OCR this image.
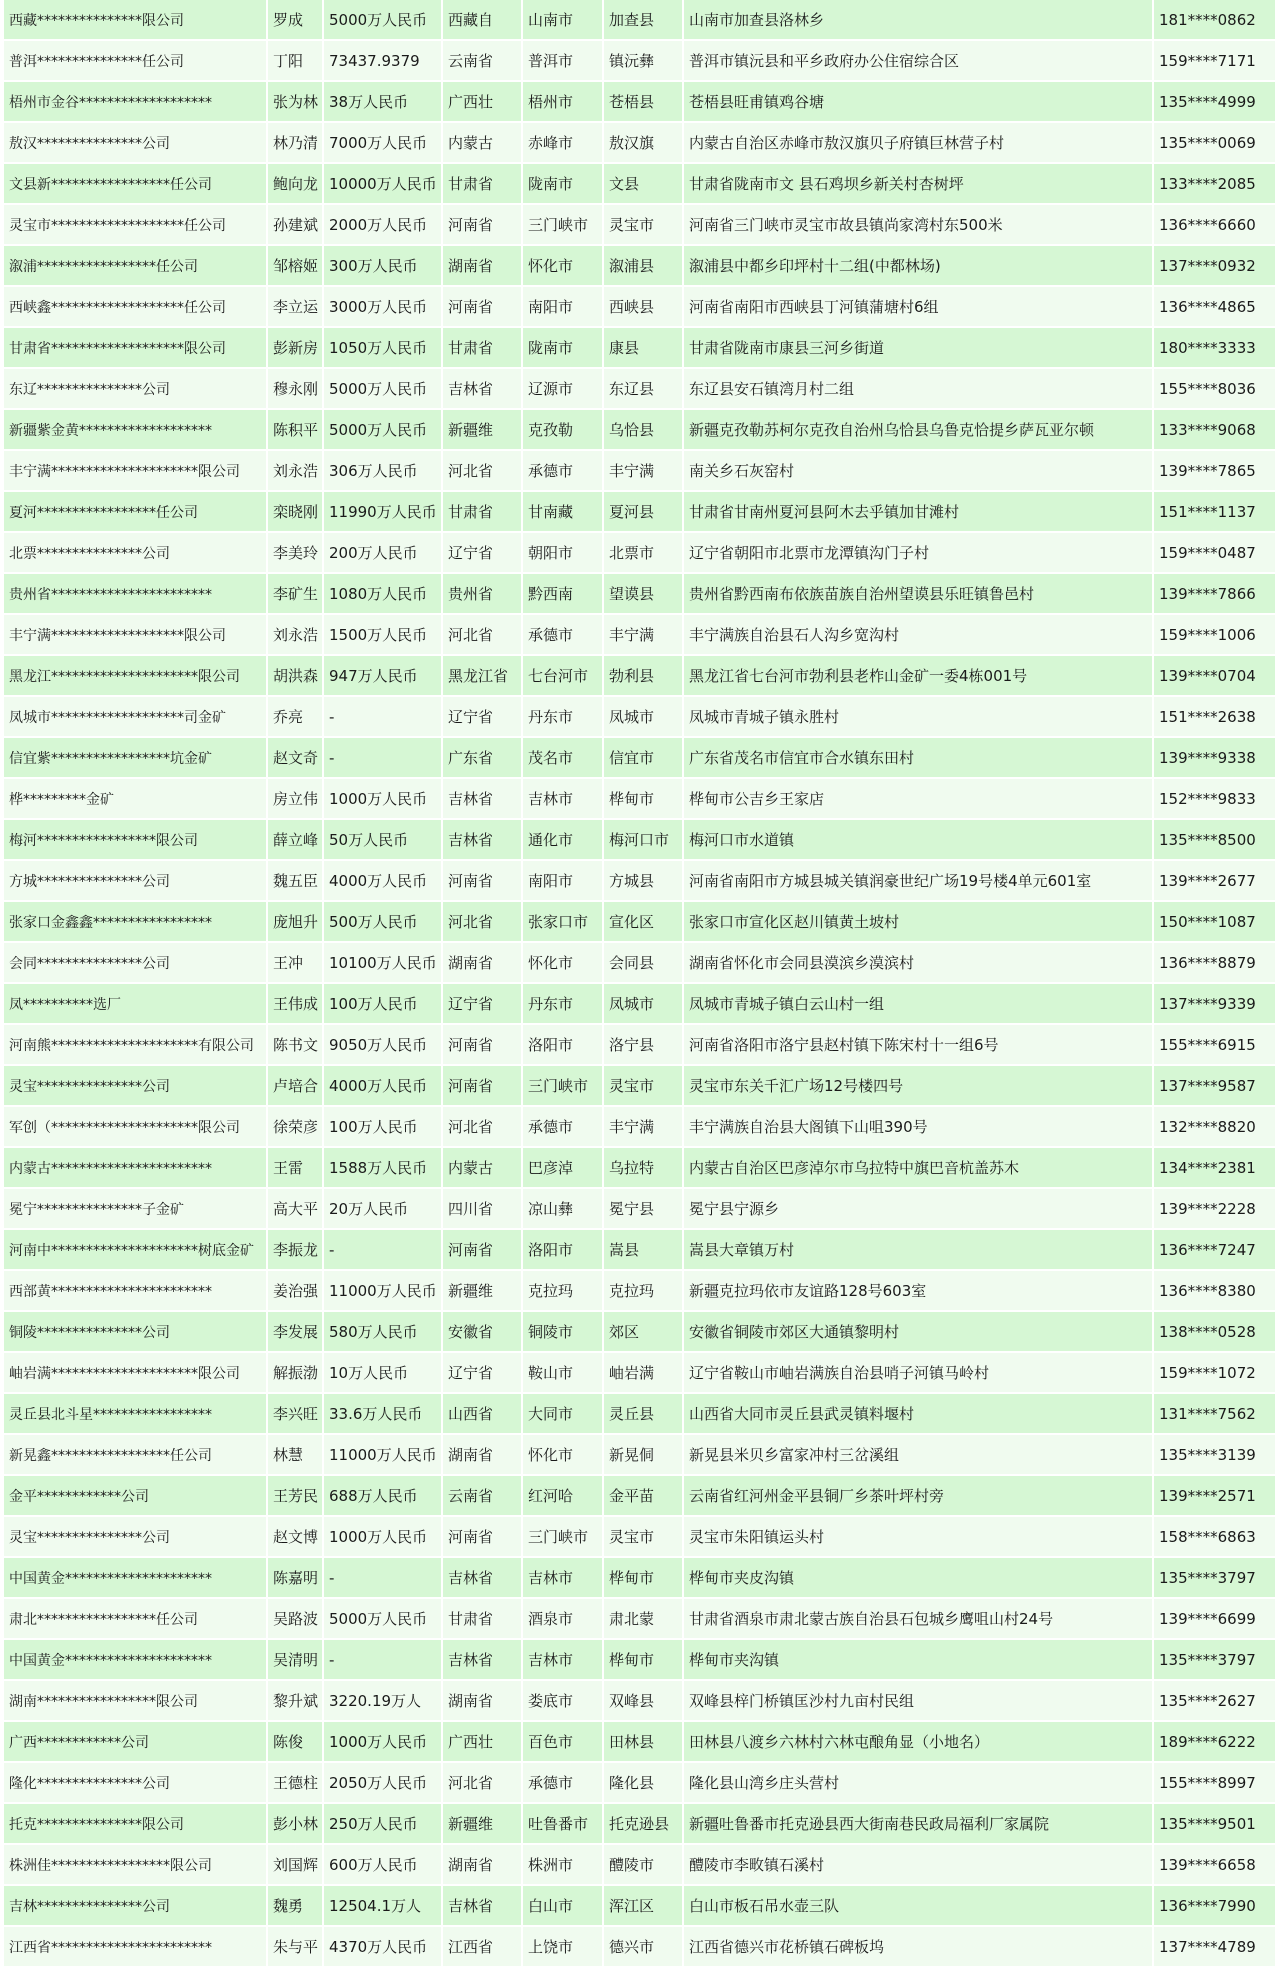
西藏***************限公司	罗成	5000万人民币	西藏自	山南市	加查县	山南市加查县洛林乡	181****0862
普洱***************任公司	丁阳	73437.9379	云南省	普洱市	镇沅彝	普洱市镇沅县和平乡政府办公住宿综合区	159****7171
梧州市金谷*******************	张为林	38万人民币	广西壮	梧州市	苍梧县	苍梧县旺甫镇鸡谷塘	135****4999
敖汉***************公司	林乃清	7000万人民币	内蒙古	赤峰市	敖汉旗	内蒙古自治区赤峰市敖汉旗贝子府镇巨林营子村	135****0069
文县新*****************任公司	鲍向龙	10000万人民币	甘肃省	陇南市	文县	甘肃省陇南市文 县石鸡坝乡新关村杏树坪	133****2085
灵宝市*******************任公司	孙建斌	2000万人民币	河南省	三门峡市	灵宝市	河南省三门峡市灵宝市故县镇尚家湾村东500米	136****6660
溆浦*****************任公司	邹榕姬	300万人民币	湖南省	怀化市	溆浦县	溆浦县中都乡印坪村十二组(中都林场)	137****0932
西峡鑫*******************任公司	李立运	3000万人民币	河南省	南阳市	西峡县	河南省南阳市西峡县丁河镇蒲塘村6组	136****4865
甘肃省*******************限公司	彭新房	1050万人民币	甘肃省	陇南市	康县	甘肃省陇南市康县三河乡街道	180****3333
东辽***************公司	穆永刚	5000万人民币	吉林省	辽源市	东辽县	东辽县安石镇湾月村二组	155****8036
新疆紫金黄*******************	陈积平	5000万人民币	新疆维	克孜勒	乌恰县	新疆克孜勒苏柯尔克孜自治州乌恰县乌鲁克恰提乡萨瓦亚尔顿	133****9068
丰宁满*********************限公司	刘永浩	306万人民币	河北省	承德市	丰宁满	南关乡石灰窑村	139****7865
夏河*****************任公司	栾晓刚	11990万人民币	甘肃省	甘南藏	夏河县	甘肃省甘南州夏河县阿木去乎镇加甘滩村	151****1137
北票***************公司	李美玲	200万人民币	辽宁省	朝阳市	北票市	辽宁省朝阳市北票市龙潭镇沟门子村	159****0487
贵州省***********************	李矿生	1080万人民币	贵州省	黔西南	望谟县	贵州省黔西南布依族苗族自治州望谟县乐旺镇鲁邑村	139****7866
丰宁满*******************限公司	刘永浩	1500万人民币	河北省	承德市	丰宁满	丰宁满族自治县石人沟乡宽沟村	159****1006
黑龙江*********************限公司	胡洪森	947万人民币	黑龙江省	七台河市	勃利县	黑龙江省七台河市勃利县老柞山金矿一委4栋001号	139****0704
凤城市*******************司金矿	乔亮	-	辽宁省	丹东市	凤城市	凤城市青城子镇永胜村	151****2638
信宜紫*****************坑金矿	赵文奇	-	广东省	茂名市	信宜市	广东省茂名市信宜市合水镇东田村	139****9338
桦*********金矿	房立伟	1000万人民币	吉林省	吉林市	桦甸市	桦甸市公吉乡王家店	152****9833
梅河*****************限公司	薛立峰	50万人民币	吉林省	通化市	梅河口市	梅河口市水道镇	135****8500
方城***************公司	魏五臣	4000万人民币	河南省	南阳市	方城县	河南省南阳市方城县城关镇润豪世纪广场19号楼4单元601室	139****2677
张家口金鑫鑫*****************	庞旭升	500万人民币	河北省	张家口市	宣化区	张家口市宣化区赵川镇黄土坡村	150****1087
会同***************公司	王冲	10100万人民币	湖南省	怀化市	会同县	湖南省怀化市会同县漠滨乡漠滨村	136****8879
凤**********选厂	王伟成	100万人民币	辽宁省	丹东市	凤城市	凤城市青城子镇白云山村一组	137****9339
河南熊*********************有限公司	陈书文	9050万人民币	河南省	洛阳市	洛宁县	河南省洛阳市洛宁县赵村镇下陈宋村十一组6号	155****6915
灵宝***************公司	卢培合	4000万人民币	河南省	三门峡市	灵宝市	灵宝市东关千汇广场12号楼四号	137****9587
军创（*********************限公司	徐荣彦	100万人民币	河北省	承德市	丰宁满	丰宁满族自治县大阁镇下山咀390号	132****8820
内蒙古***********************	王雷	1588万人民币	内蒙古	巴彦淖	乌拉特	内蒙古自治区巴彦淖尔市乌拉特中旗巴音杭盖苏木	134****2381
冕宁***************子金矿	高大平	20万人民币	四川省	凉山彝	冕宁县	冕宁县宁源乡	139****2228
河南中*********************树底金矿	李振龙	-	河南省	洛阳市	嵩县	嵩县大章镇万村	136****7247
西部黄***********************	姜治强	11000万人民币	新疆维	克拉玛	克拉玛	新疆克拉玛依市友谊路128号603室	136****8380
铜陵***************公司	李发展	580万人民币	安徽省	铜陵市	郊区	安徽省铜陵市郊区大通镇黎明村	138****0528
岫岩满*********************限公司	解振渤	10万人民币	辽宁省	鞍山市	岫岩满	辽宁省鞍山市岫岩满族自治县哨子河镇马岭村	159****1072
灵丘县北斗星*****************	李兴旺	33.6万人民币	山西省	大同市	灵丘县	山西省大同市灵丘县武灵镇料堰村	131****7562
新晃鑫*****************任公司	林慧	11000万人民币	湖南省	怀化市	新晃侗	新晃县米贝乡富家冲村三岔溪组	135****3139
金平************公司	王芳民	688万人民币	云南省	红河哈	金平苗	云南省红河州金平县铜厂乡茶叶坪村旁	139****2571
灵宝***************公司	赵文博	1000万人民币	河南省	三门峡市	灵宝市	灵宝市朱阳镇运头村	158****6863
中国黄金*********************	陈嘉明	-	吉林省	吉林市	桦甸市	桦甸市夹皮沟镇	135****3797
肃北*****************任公司	吴路波	5000万人民币	甘肃省	酒泉市	肃北蒙	甘肃省酒泉市肃北蒙古族自治县石包城乡鹰咀山村24号	139****6699
中国黄金*********************	吴清明	-	吉林省	吉林市	桦甸市	桦甸市夹沟镇	135****3797
湖南*****************限公司	黎升斌	3220.19万人	湖南省	娄底市	双峰县	双峰县梓门桥镇匡沙村九亩村民组	135****2627
广西************公司	陈俊	1000万人民币	广西壮	百色市	田林县	田林县八渡乡六林村六林屯酿角显（小地名）	189****6222
隆化***************公司	王德柱	2050万人民币	河北省	承德市	隆化县	隆化县山湾乡庄头营村	155****8997
托克***************限公司	彭小林	250万人民币	新疆维	吐鲁番市	托克逊县	新疆吐鲁番市托克逊县西大街南巷民政局福利厂家属院	135****9501
株洲佳*****************限公司	刘国辉	600万人民币	湖南省	株洲市	醴陵市	醴陵市李畋镇石溪村	139****6658
吉林***************公司	魏勇	12504.1万人	吉林省	白山市	浑江区	白山市板石吊水壶三队	136****7990
江西省***********************	朱与平	4370万人民币	江西省	上饶市	德兴市	江西省德兴市花桥镇石碑板坞	137****4789
